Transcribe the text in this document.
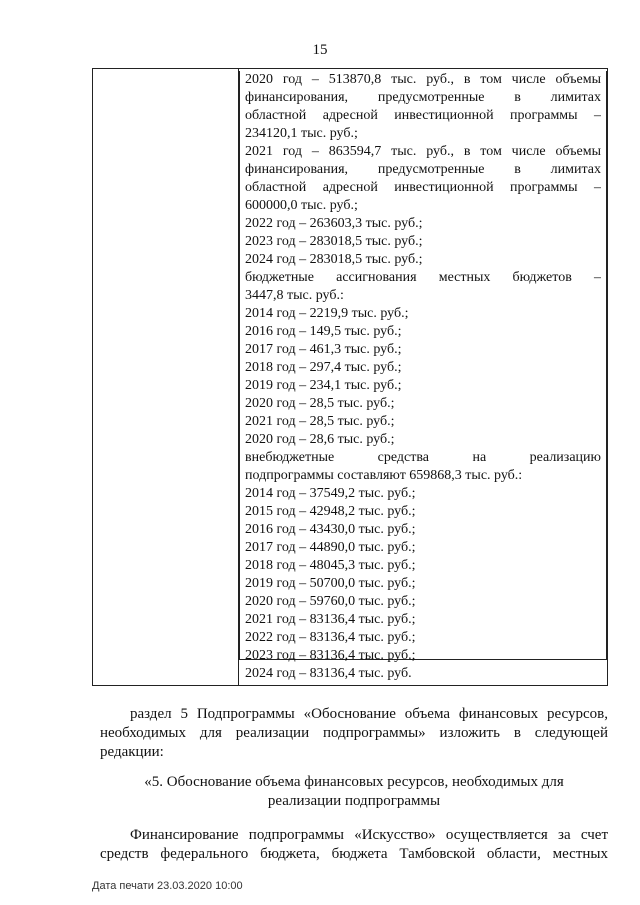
15
2020 год – 513870,8 тыс. руб., в том числе объемы
финансирования, предусмотренные в лимитах
областной адресной инвестиционной программы –
234120,1 тыс. руб.;
2021 год – 863594,7 тыс. руб., в том числе объемы
финансирования, предусмотренные в лимитах
областной адресной инвестиционной программы –
600000,0 тыс. руб.;
2022 год – 263603,3 тыс. руб.;
2023 год – 283018,5 тыс. руб.;
2024 год – 283018,5 тыс. руб.;
бюджетные ассигнования местных бюджетов –
3447,8 тыс. руб.:
2014 год – 2219,9 тыс. руб.;
2016 год – 149,5 тыс. руб.;
2017 год – 461,3 тыс. руб.;
2018 год – 297,4 тыс. руб.;
2019 год – 234,1 тыс. руб.;
2020 год – 28,5 тыс. руб.;
2021 год – 28,5 тыс. руб.;
2020 год – 28,6 тыс. руб.;
внебюджетные средства на реализацию
подпрограммы составляют 659868,3 тыс. руб.:
2014 год – 37549,2 тыс. руб.;
2015 год – 42948,2 тыс. руб.;
2016 год – 43430,0 тыс. руб.;
2017 год – 44890,0 тыс. руб.;
2018 год – 48045,3 тыс. руб.;
2019 год – 50700,0 тыс. руб.;
2020 год – 59760,0 тыс. руб.;
2021 год – 83136,4 тыс. руб.;
2022 год – 83136,4 тыс. руб.;
2023 год – 83136,4 тыс. руб.;
2024 год – 83136,4 тыс. руб.
раздел 5 Подпрограммы «Обоснование объема финансовых ресурсов,
необходимых для реализации подпрограммы» изложить в следующей
редакции:
«5. Обоснование объема финансовых ресурсов, необходимых для
реализации подпрограммы
Финансирование подпрограммы «Искусство» осуществляется за счет
средств федерального бюджета, бюджета Тамбовской области, местных
Дата печати 23.03.2020 10:00
